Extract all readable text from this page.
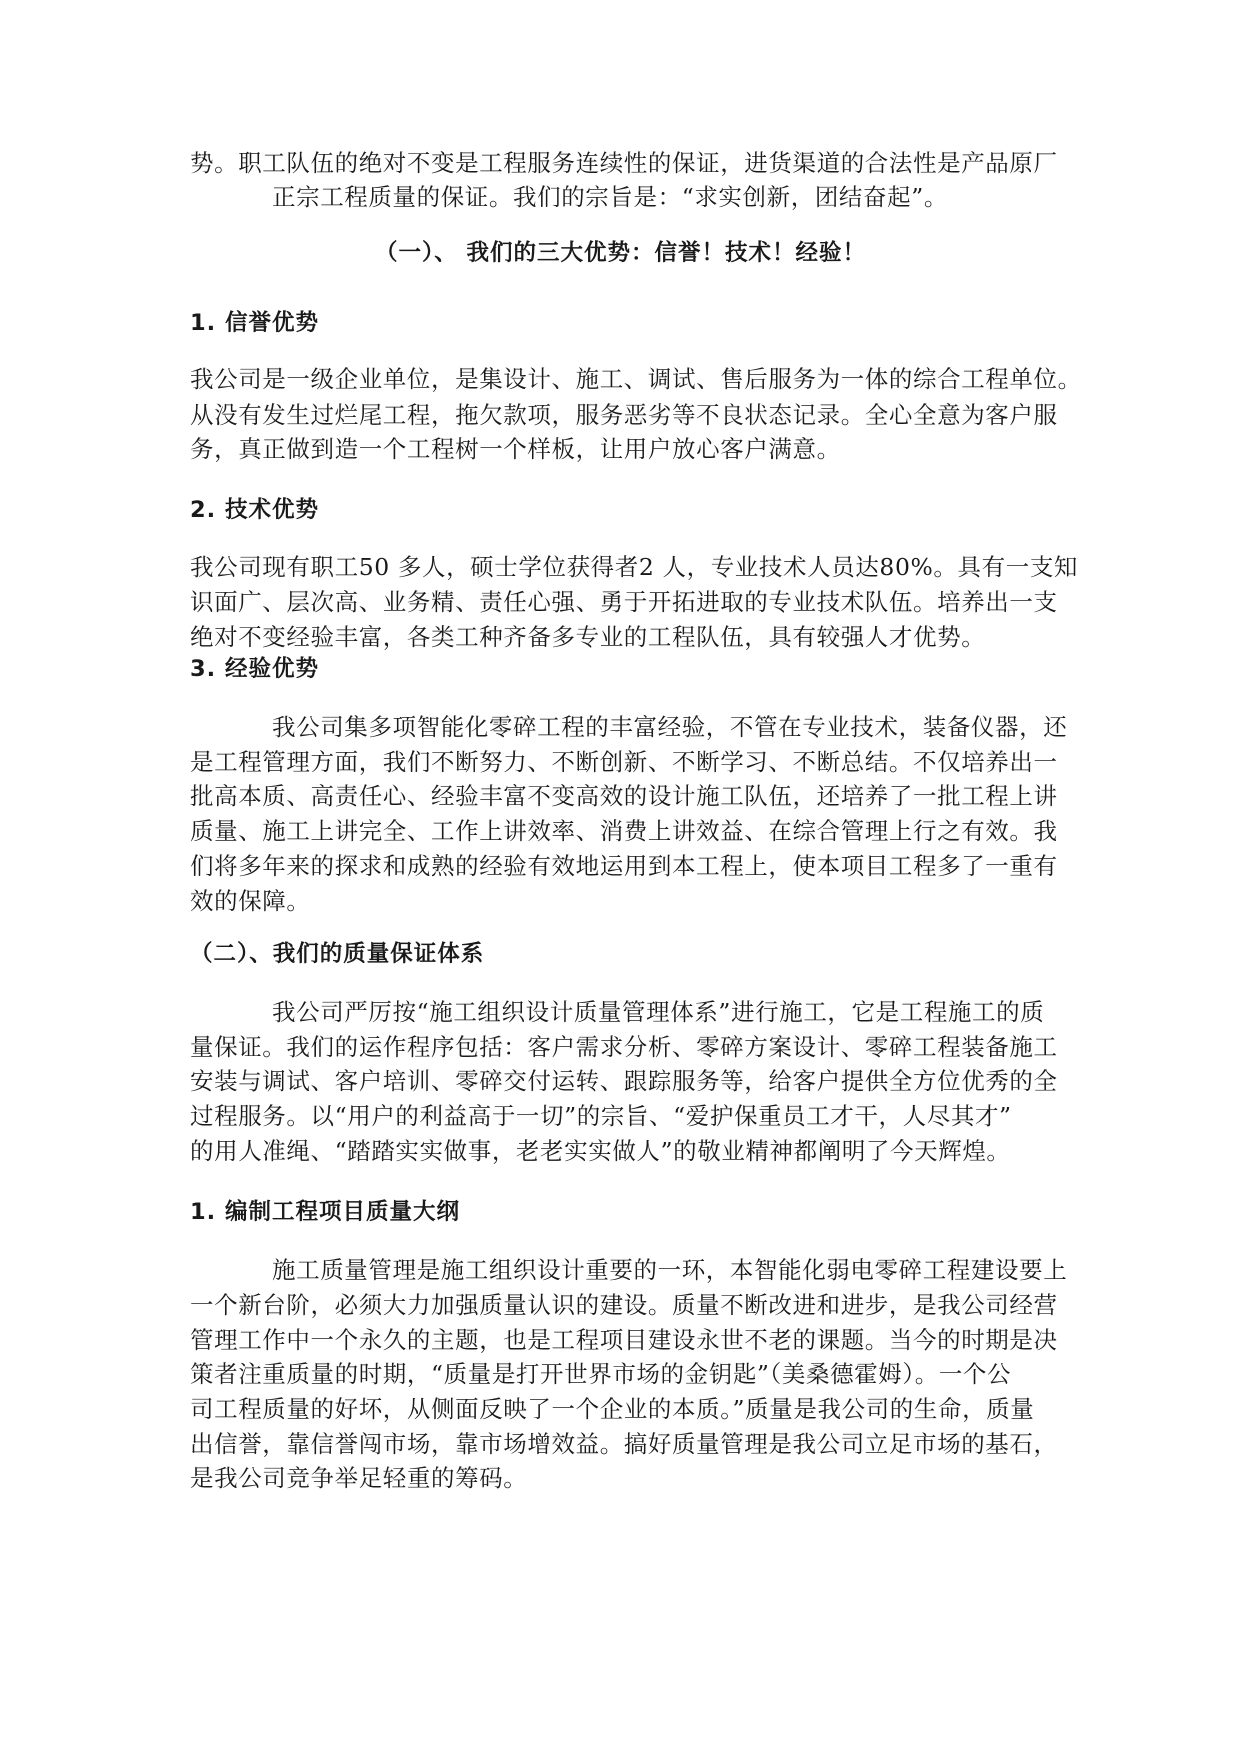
势。职工队伍的绝对不变是工程服务连续性的保证，进货渠道的合法性是产品原厂
正宗工程质量的保证。我们的宗旨是：“求实创新，团结奋起”。
（一）、 我们的三大优势：信誉！技术！经验！
1. 信誉优势
我公司是一级企业单位，是集设计、施工、调试、售后服务为一体的综合工程单位。
从没有发生过烂尾工程，拖欠款项，服务恶劣等不良状态记录。全心全意为客户服
务，真正做到造一个工程树一个样板，让用户放心客户满意。
2. 技术优势
我公司现有职工50 多人，硕士学位获得者2 人，专业技术人员达80%。具有一支知
识面广、层次高、业务精、责任心强、勇于开拓进取的专业技术队伍。培养出一支
绝对不变经验丰富，各类工种齐备多专业的工程队伍，具有较强人才优势。
3. 经验优势
我公司集多项智能化零碎工程的丰富经验，不管在专业技术，装备仪器，还
是工程管理方面，我们不断努力、不断创新、不断学习、不断总结。不仅培养出一
批高本质、高责任心、经验丰富不变高效的设计施工队伍，还培养了一批工程上讲
质量、施工上讲完全、工作上讲效率、消费上讲效益、在综合管理上行之有效。我
们将多年来的探求和成熟的经验有效地运用到本工程上，使本项目工程多了一重有
效的保障。
（二）、我们的质量保证体系
我公司严厉按“施工组织设计质量管理体系”进行施工，它是工程施工的质
量保证。我们的运作程序包括：客户需求分析、零碎方案设计、零碎工程装备施工
安装与调试、客户培训、零碎交付运转、跟踪服务等，给客户提供全方位优秀的全
过程服务。以“用户的利益高于一切”的宗旨、“爱护保重员工才干，人尽其才”
的用人准绳、“踏踏实实做事，老老实实做人”的敬业精神都阐明了今天辉煌。
1. 编制工程项目质量大纲
施工质量管理是施工组织设计重要的一环，本智能化弱电零碎工程建设要上
一个新台阶，必须大力加强质量认识的建设。质量不断改进和进步，是我公司经营
管理工作中一个永久的主题，也是工程项目建设永世不老的课题。当今的时期是决
策者注重质量的时期，“质量是打开世界市场的金钥匙”（美桑德霍姆）。一个公
司工程质量的好坏，从侧面反映了一个企业的本质。”质量是我公司的生命，质量
出信誉，靠信誉闯市场，靠市场增效益。搞好质量管理是我公司立足市场的基石，
是我公司竞争举足轻重的筹码。
